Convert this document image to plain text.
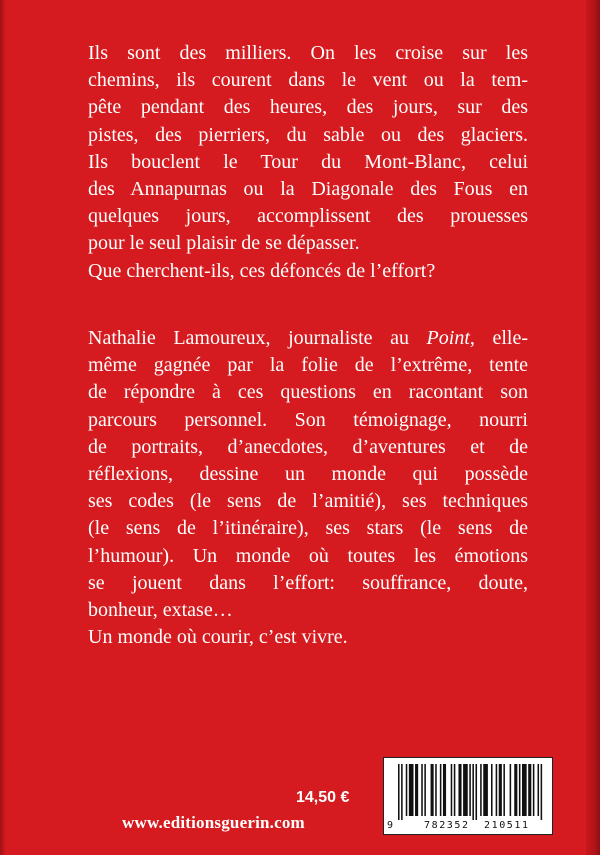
Ils sont des milliers. On les croise sur les
chemins, ils courent dans le vent ou la tem-
pête pendant des heures, des jours, sur des
pistes, des pierriers, du sable ou des glaciers.
Ils bouclent le Tour du Mont-Blanc, celui
des Annapurnas ou la Diagonale des Fous en
quelques jours, accomplissent des prouesses
pour le seul plaisir de se dépasser.
Que cherchent-ils, ces défoncés de l’effort?
Nathalie Lamoureux, journaliste au Point, elle-
même gagnée par la folie de l’extrême, tente
de répondre à ces questions en racontant son
parcours personnel. Son témoignage, nourri
de portraits, d’anecdotes, d’aventures et de
réflexions, dessine un monde qui possède
ses codes (le sens de l’amitié), ses techniques
(le sens de l’itinéraire), ses stars (le sens de
l’humour). Un monde où toutes les émotions
se jouent dans l’effort: souffrance, doute,
bonheur, extase…
Un monde où courir, c’est vivre.
14,50 €
www.editionsguerin.com	9	782352 210511
